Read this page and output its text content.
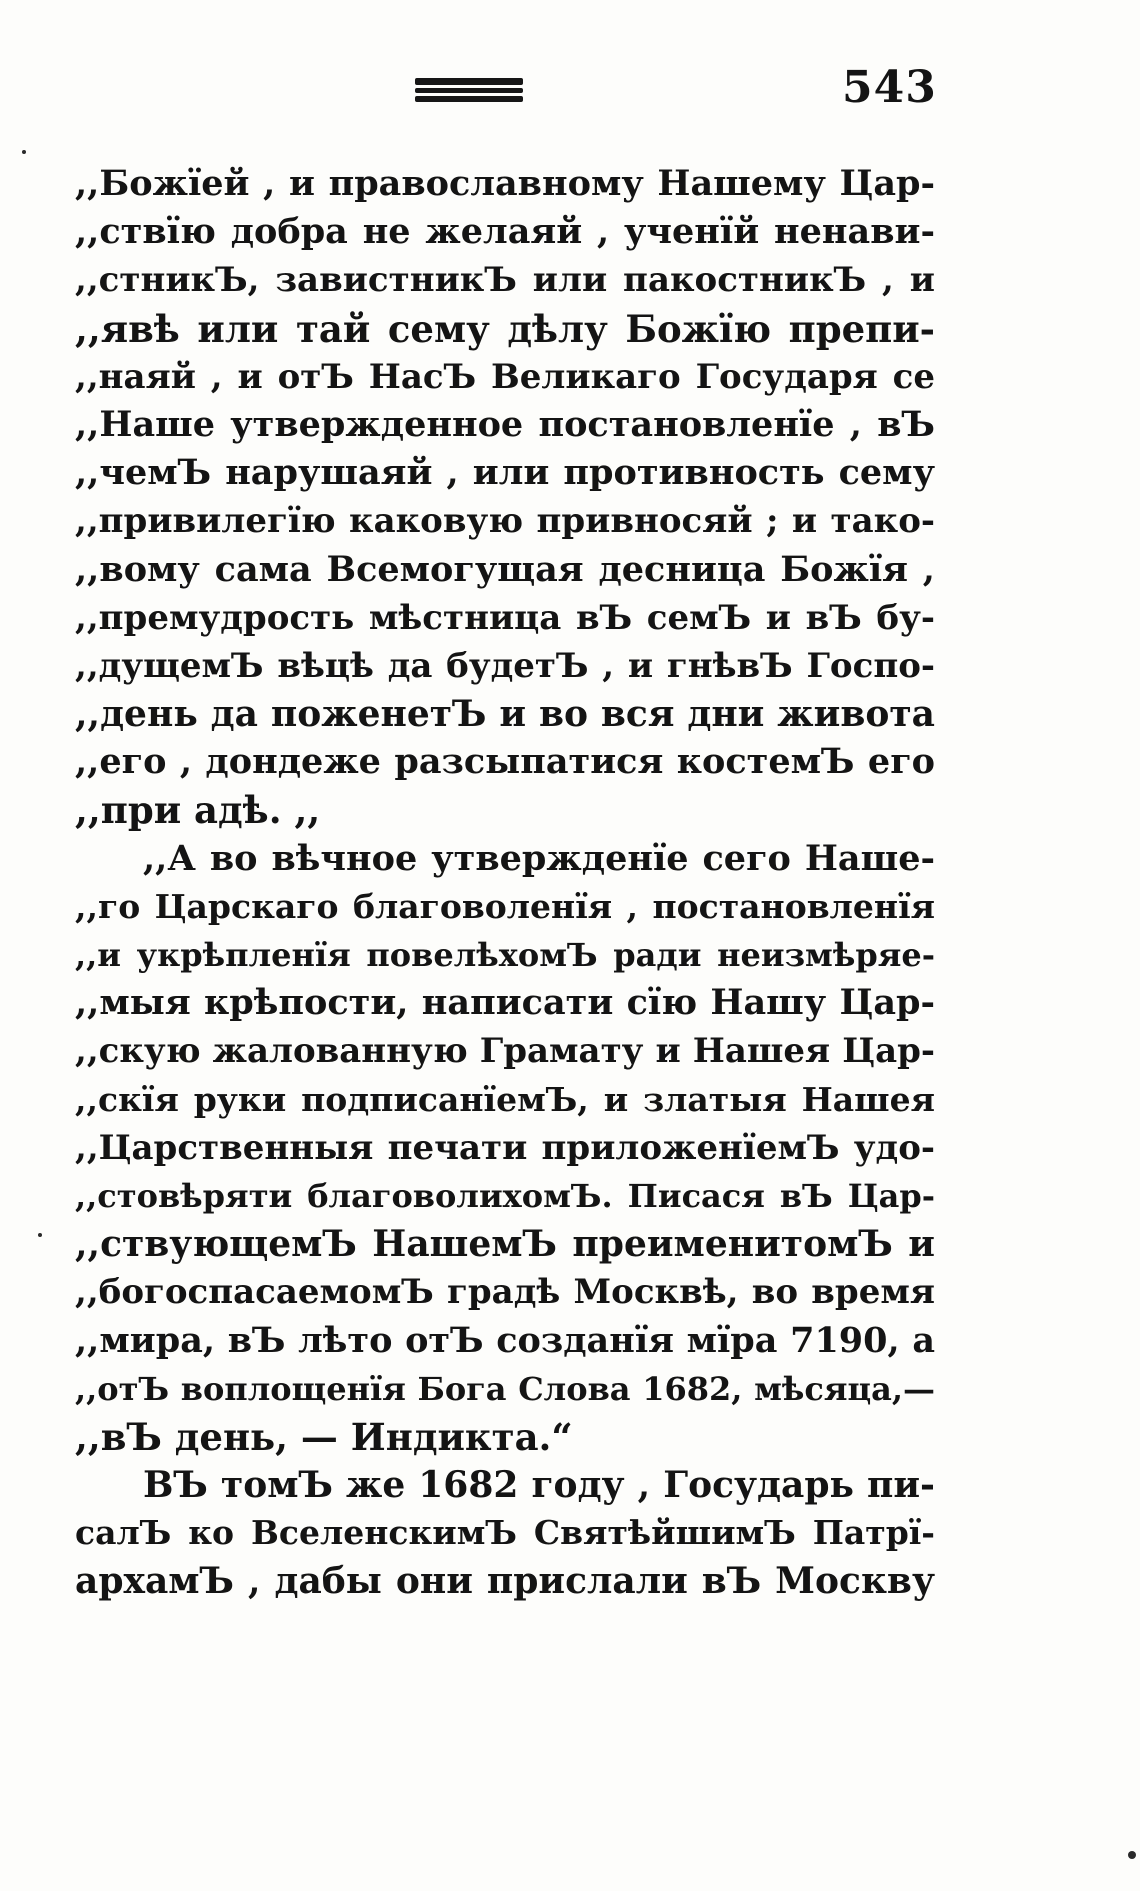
543
,,Божїей , и православному Нашему Цар-
,,ствїю добра не желаяй , ученїй ненави-
,,стникЪ, завистникЪ или пакостникЪ , и
,,явѣ или тай сему дѣлу Божїю препи-
,,наяй , и отЪ НасЪ Великаго Государя се
,,Наше утвержденное постановленїе , вЪ
,,чемЪ нарушаяй , или противность сему
,,привилегїю каковую привносяй ; и тако-
,,вому сама Всемогущая десница Божїя ,
,,премудрость мѣстница вЪ семЪ и вЪ бу-
,,дущемЪ вѣцѣ да будетЪ , и гнѣвЪ Госпо-
,,день да поженетЪ и во вся дни живота
,,его , дондеже разсыпатися костемЪ его
,,при адѣ. ,,
,,А во вѣчное утвержденїе сего Наше-
,,го Царскаго благоволенїя , постановленїя
,,и укрѣпленїя повелѣхомЪ ради неизмѣряе-
,,мыя крѣпости, написати сїю Нашу Цар-
,,скую жалованную Грамату и Нашея Цар-
,,скїя руки подписанїемЪ, и златыя Нашея
,,Царственныя печати приложенїемЪ удо-
,,стовѣряти благоволихомЪ. Писася вЪ Цар-
,,ствующемЪ НашемЪ преименитомЪ и
,,богоспасаемомЪ градѣ Москвѣ, во время
,,мира, вЪ лѣто отЪ созданїя мїра 7190, а
,,отЪ воплощенїя Бога Слова 1682, мѣсяца,—
,,вЪ день, — Индикта.“
ВЪ томЪ же 1682 году , Государь пи-
салЪ ко ВселенскимЪ СвятѣйшимЪ Патрї-
архамЪ , дабы они прислали вЪ Москву
